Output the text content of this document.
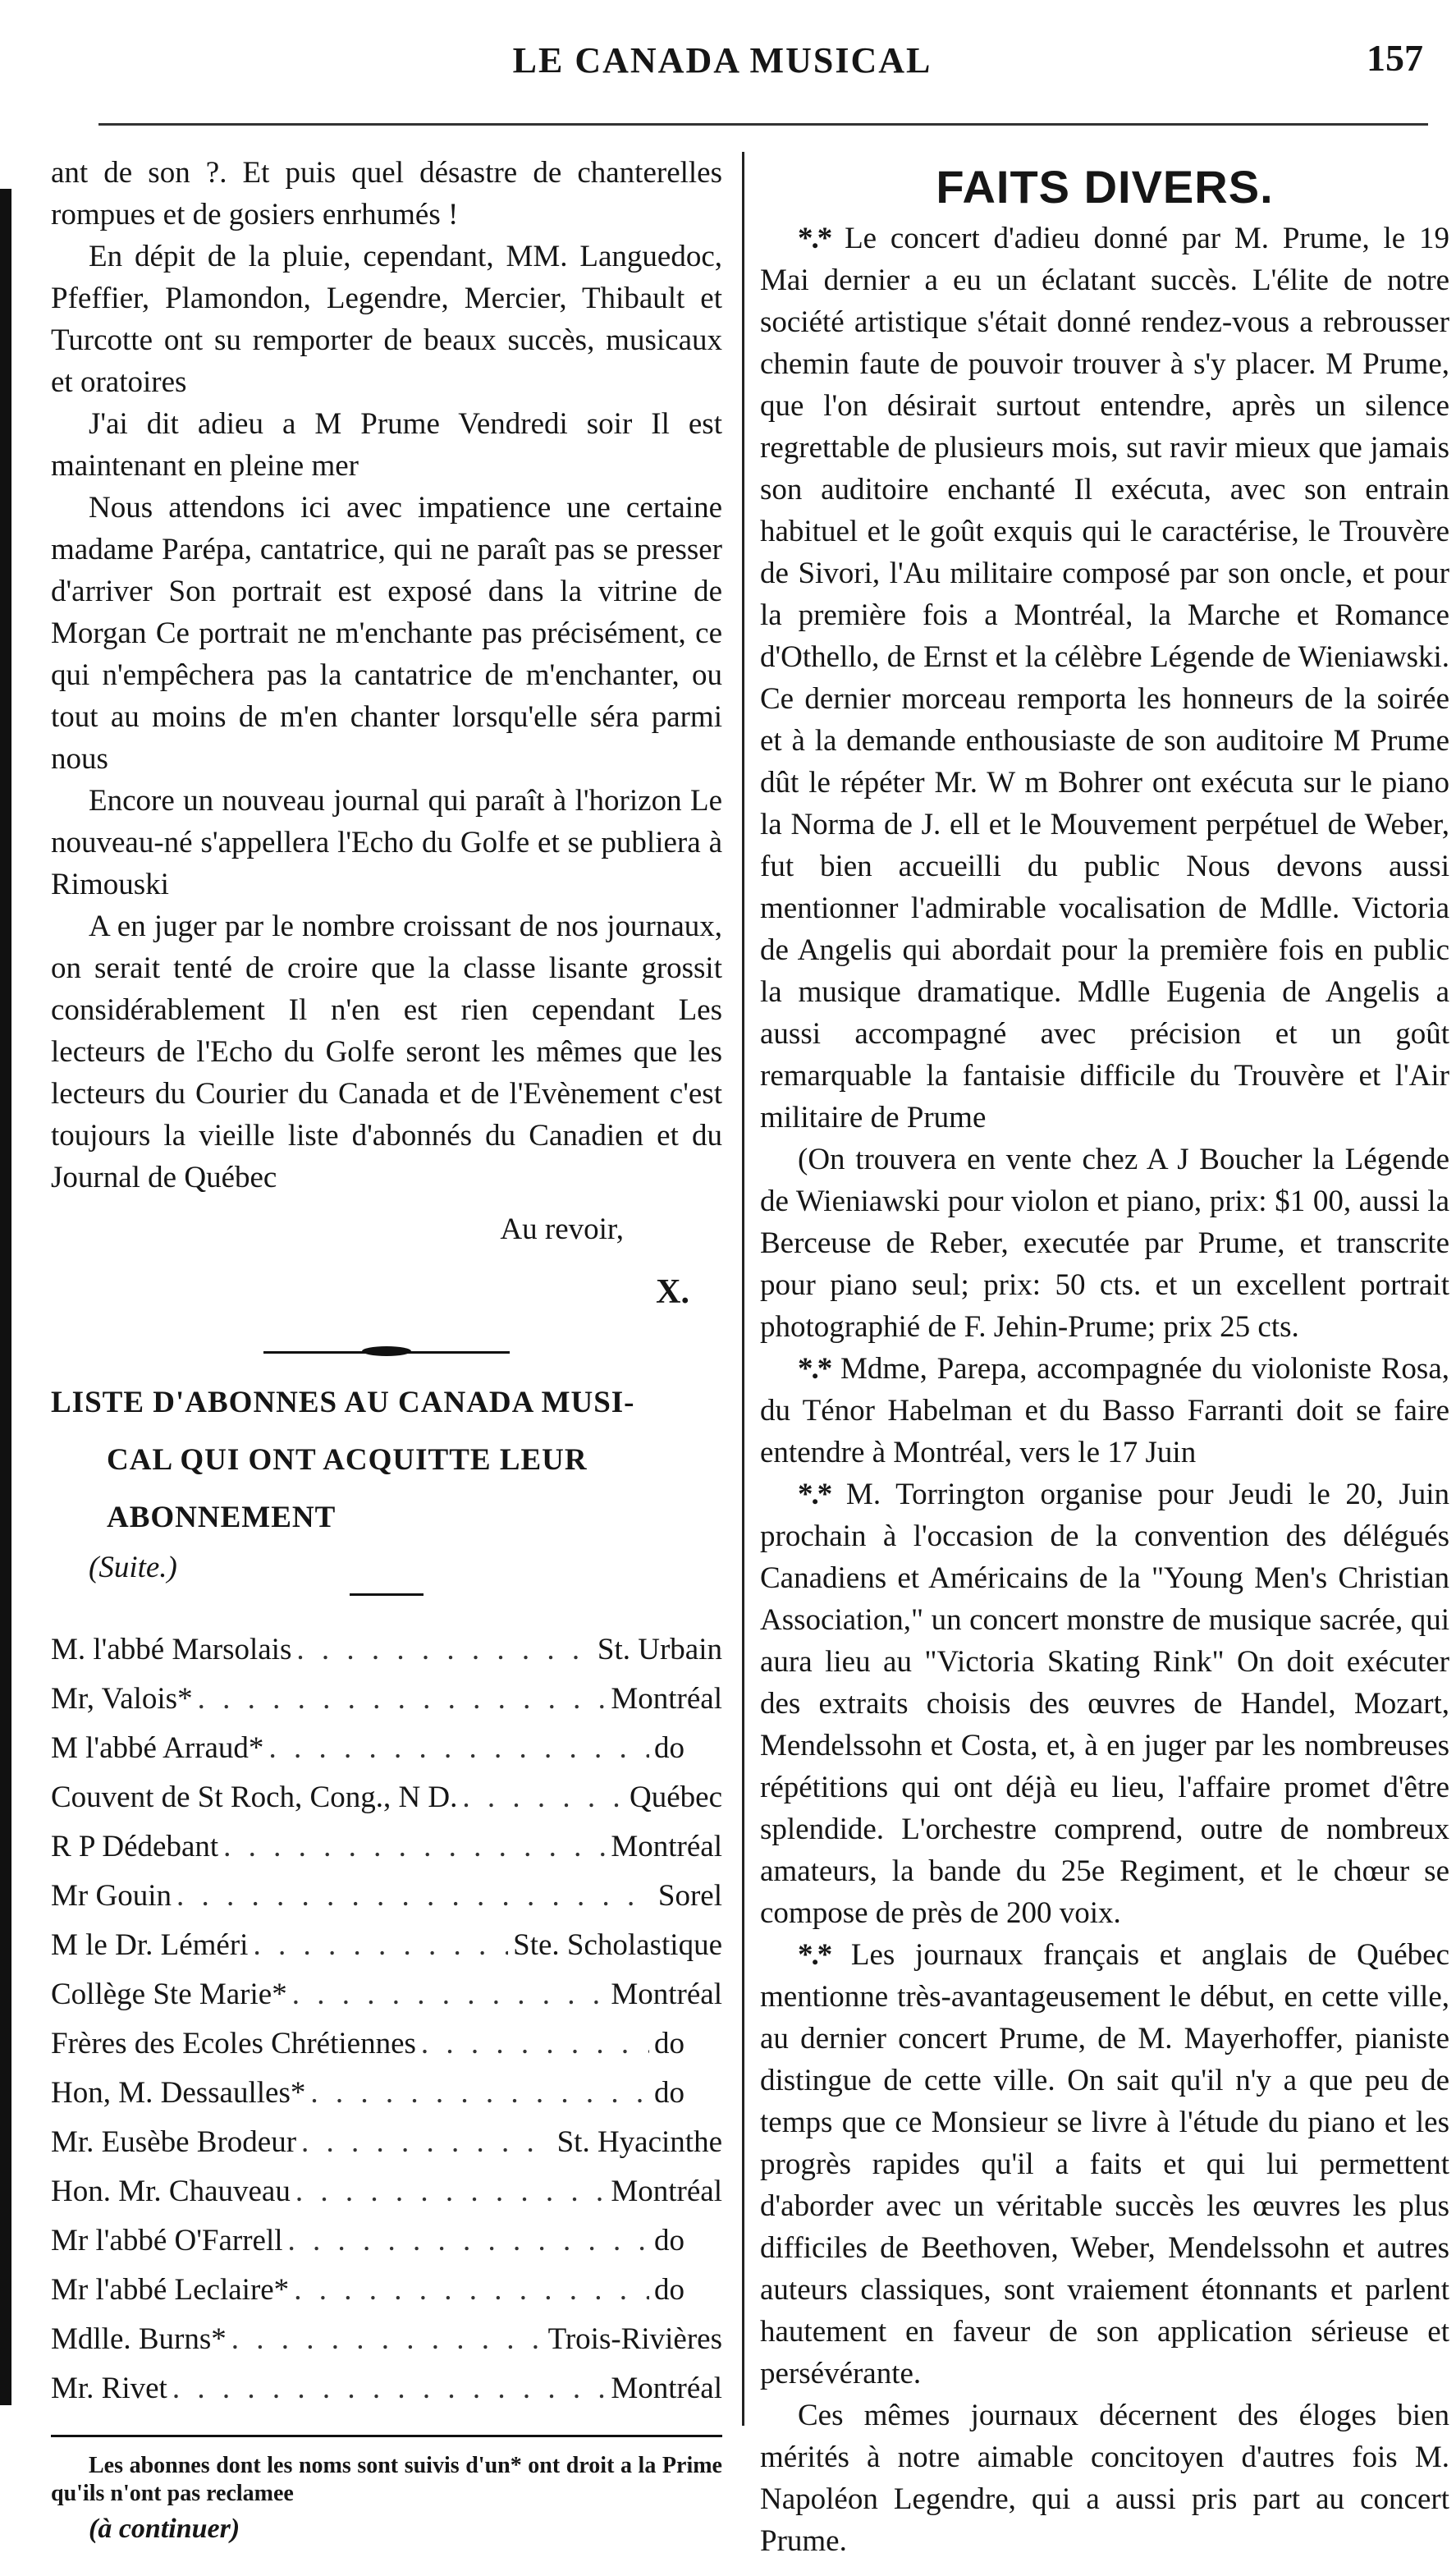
LE CANADA MUSICAL	157

ant de son ?. Et puis quel désastre de chanterelles rompues et de gosiers enrhumés !

En dépit de la pluie, cependant, MM. Languedoc, Pfeffier, Plamondon, Legendre, Mercier, Thibault et Turcotte ont su remporter de beaux succès, musicaux et oratoires

J'ai dit adieu a M Prume Vendredi soir Il est maintenant en pleine mer

Nous attendons ici avec impatience une certaine madame Parépa, cantatrice, qui ne paraît pas se presser d'arriver Son portrait est exposé dans la vitrine de Morgan Ce portrait ne m'enchante pas précisément, ce qui n'empêchera pas la cantatrice de m'enchanter, ou tout au moins de m'en chanter lorsqu'elle séra parmi nous

Encore un nouveau journal qui paraît à l'horizon Le nouveau-né s'appellera l'Echo du Golfe et se publiera à Rimouski

A en juger par le nombre croissant de nos journaux, on serait tenté de croire que la classe lisante grossit considérablement Il n'en est rien cependant Les lecteurs de l'Echo du Golfe seront les mêmes que les lecteurs du Courier du Canada et de l'Evènement c'est toujours la vieille liste d'abonnés du Canadien et du Journal de Québec

Au revoir,

X.

LISTE D'ABONNES AU CANADA MUSI-
CAL QUI ONT ACQUITTE LEUR
ABONNEMENT

(Suite.)

M. l'abbé Marsolais . . .	St. Urbain
Mr, Valois* . . .	Montréal
M l'abbé Arraud* . . .	do
Couvent de St Roch, Cong., N D. . . .	Québec
R P Dédebant . . .	Montréal
Mr Gouin . . .	Sorel
M le Dr. Léméri . . .	Ste. Scholastique
Collège Ste Marie* . . .	Montréal
Frères des Ecoles Chrétiennes . . .	do
Hon, M. Dessaulles* . . .	do
Mr. Eusèbe Brodeur . . .	St. Hyacinthe
Hon. Mr. Chauveau . . .	Montréal
Mr l'abbé O'Farrell . . .	do
Mr l'abbé Leclaire* . . .	do
Mdlle. Burns* . . .	Trois-Rivières
Mr. Rivet . . .	Montréal

Les abonnes dont les noms sont suivis d'un* ont droit a la Prime qu'ils n'ont pas reclamee

(à continuer)

FAITS DIVERS.

*.* Le concert d'adieu donné par M. Prume, le 19 Mai dernier a eu un éclatant succès. L'élite de notre société artistique s'était donné rendez-vous a rebrousser chemin faute de pouvoir trouver à s'y placer. M Prume, que l'on désirait surtout entendre, après un silence regrettable de plusieurs mois, sut ravir mieux que jamais son auditoire enchanté Il exécuta, avec son entrain habituel et le goût exquis qui le caractérise, le Trouvère de Sivori, l'Au militaire composé par son oncle, et pour la première fois a Montréal, la Marche et Romance d'Othello, de Ernst et la célèbre Légende de Wieniawski. Ce dernier morceau remporta les honneurs de la soirée et à la demande enthousiaste de son auditoire M Prume dût le répéter Mr. W m Bohrer ont exécuta sur le piano la Norma de J. ell et le Mouvement perpétuel de Weber, fut bien accueilli du public Nous devons aussi mentionner l'admirable vocalisation de Mdlle. Victoria de Angelis qui abordait pour la première fois en public la musique dramatique. Mdlle Eugenia de Angelis a aussi accompagné avec précision et un goût remarquable la fantaisie difficile du Trouvère et l'Air militaire de Prume

(On trouvera en vente chez A J Boucher la Légende de Wieniawski pour violon et piano, prix: $1 00, aussi la Berceuse de Reber, executée par Prume, et transcrite pour piano seul; prix: 50 cts. et un excellent portrait photographié de F. Jehin-Prume; prix 25 cts.

*.* Mdme, Parepa, accompagnée du violoniste Rosa, du Ténor Habelman et du Basso Farranti doit se faire entendre à Montréal, vers le 17 Juin

*.* M. Torrington organise pour Jeudi le 20, Juin prochain à l'occasion de la convention des délégués Canadiens et Américains de la "Young Men's Christian Association," un concert monstre de musique sacrée, qui aura lieu au "Victoria Skating Rink" On doit exécuter des extraits choisis des œuvres de Handel, Mozart, Mendelssohn et Costa, et, à en juger par les nombreuses répétitions qui ont déjà eu lieu, l'affaire promet d'être splendide. L'orchestre comprend, outre de nombreux amateurs, la bande du 25e Regiment, et le chœur se compose de près de 200 voix.

*.* Les journaux français et anglais de Québec mentionne très-avantageusement le début, en cette ville, au dernier concert Prume, de M. Mayerhoffer, pianiste distingue de cette ville. On sait qu'il n'y a que peu de temps que ce Monsieur se livre à l'étude du piano et les progrès rapides qu'il a faits et qui lui permettent d'aborder avec un véritable succès les œuvres les plus difficiles de Beethoven, Weber, Mendelssohn et autres auteurs classiques, sont vraiement étonnants et parlent hautement en faveur de son application sérieuse et persévérante.

Ces mêmes journaux décernent des éloges bien mérités à notre aimable concitoyen d'autres fois M. Napoléon Legendre, qui a aussi pris part au concert Prume.
